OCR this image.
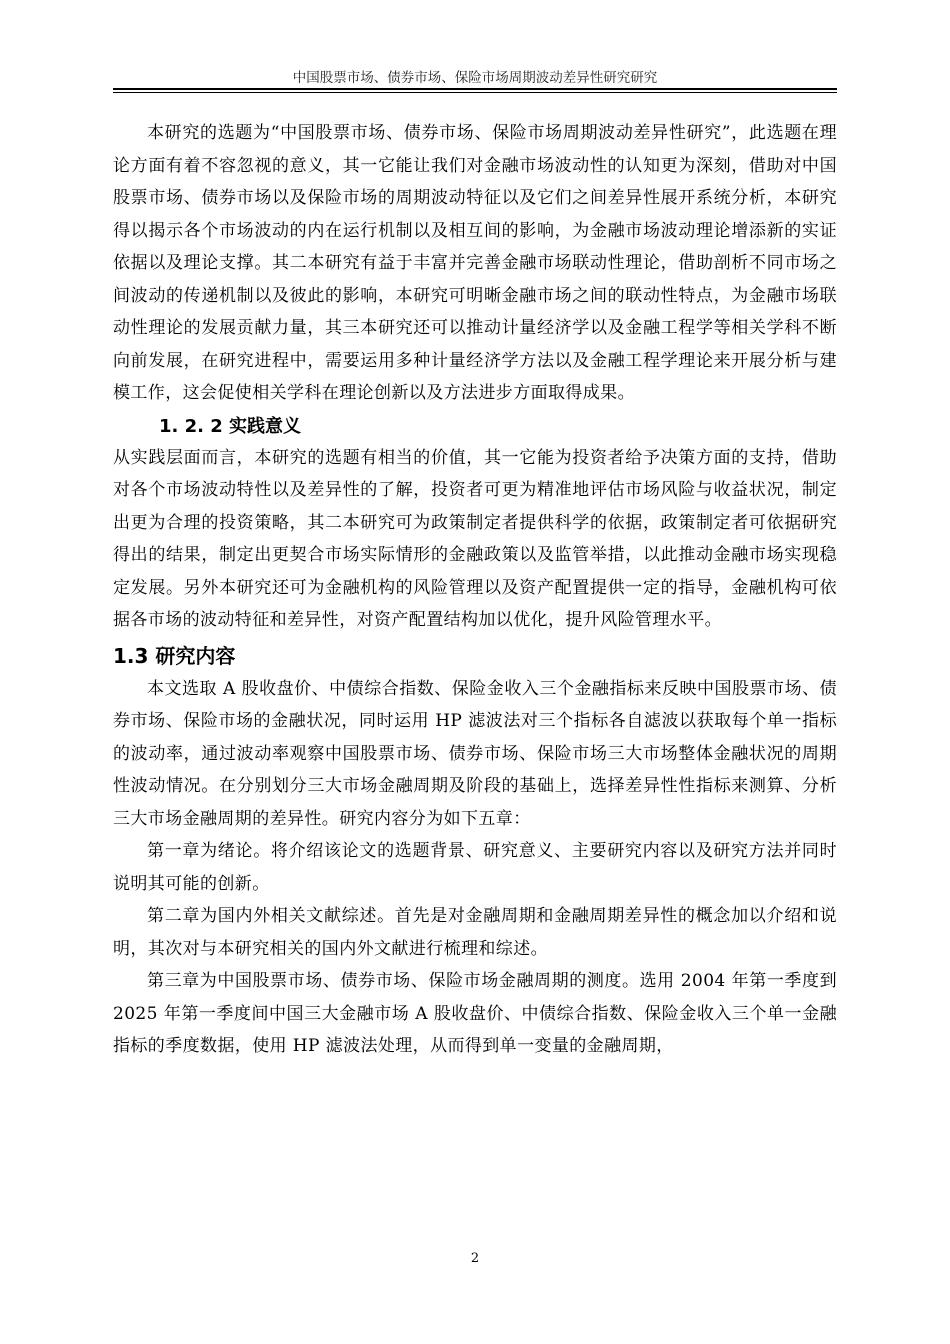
中国股票市场、债券市场、保险市场周期波动差异性研究研究

本研究的选题为“中国股票市场、债券市场、保险市场周期波动差异性研究”，此选题在理论方面有着不容忽视的意义，其一它能让我们对金融市场波动性的认知更为深刻，借助对中国股票市场、债券市场以及保险市场的周期波动特征以及它们之间差异性展开系统分析，本研究得以揭示各个市场波动的内在运行机制以及相互间的影响，为金融市场波动理论增添新的实证依据以及理论支撑。其二本研究有益于丰富并完善金融市场联动性理论，借助剖析不同市场之间波动的传递机制以及彼此的影响，本研究可明晰金融市场之间的联动性特点，为金融市场联动性理论的发展贡献力量，其三本研究还可以推动计量经济学以及金融工程学等相关学科不断向前发展，在研究进程中，需要运用多种计量经济学方法以及金融工程学理论来开展分析与建模工作，这会促使相关学科在理论创新以及方法进步方面取得成果。

1. 2. 2 实践意义

从实践层面而言，本研究的选题有相当的价值，其一它能为投资者给予决策方面的支持，借助对各个市场波动特性以及差异性的了解，投资者可更为精准地评估市场风险与收益状况，制定出更为合理的投资策略，其二本研究可为政策制定者提供科学的依据，政策制定者可依据研究得出的结果，制定出更契合市场实际情形的金融政策以及监管举措，以此推动金融市场实现稳定发展。另外本研究还可为金融机构的风险管理以及资产配置提供一定的指导，金融机构可依据各市场的波动特征和差异性，对资产配置结构加以优化，提升风险管理水平。

1.3 研究内容

本文选取 A 股收盘价、中债综合指数、保险金收入三个金融指标来反映中国股票市场、债券市场、保险市场的金融状况，同时运用 HP 滤波法对三个指标各自滤波以获取每个单一指标的波动率，通过波动率观察中国股票市场、债券市场、保险市场三大市场整体金融状况的周期性波动情况。在分别划分三大市场金融周期及阶段的基础上，选择差异性性指标来测算、分析三大市场金融周期的差异性。研究内容分为如下五章：

第一章为绪论。将介绍该论文的选题背景、研究意义、主要研究内容以及研究方法并同时说明其可能的创新。

第二章为国内外相关文献综述。首先是对金融周期和金融周期差异性的概念加以介绍和说明，其次对与本研究相关的国内外文献进行梳理和综述。

第三章为中国股票市场、债券市场、保险市场金融周期的测度。选用 2004 年第一季度到 2025 年第一季度间中国三大金融市场 A 股收盘价、中债综合指数、保险金收入三个单一金融指标的季度数据，使用 HP 滤波法处理，从而得到单一变量的金融周期，

2
